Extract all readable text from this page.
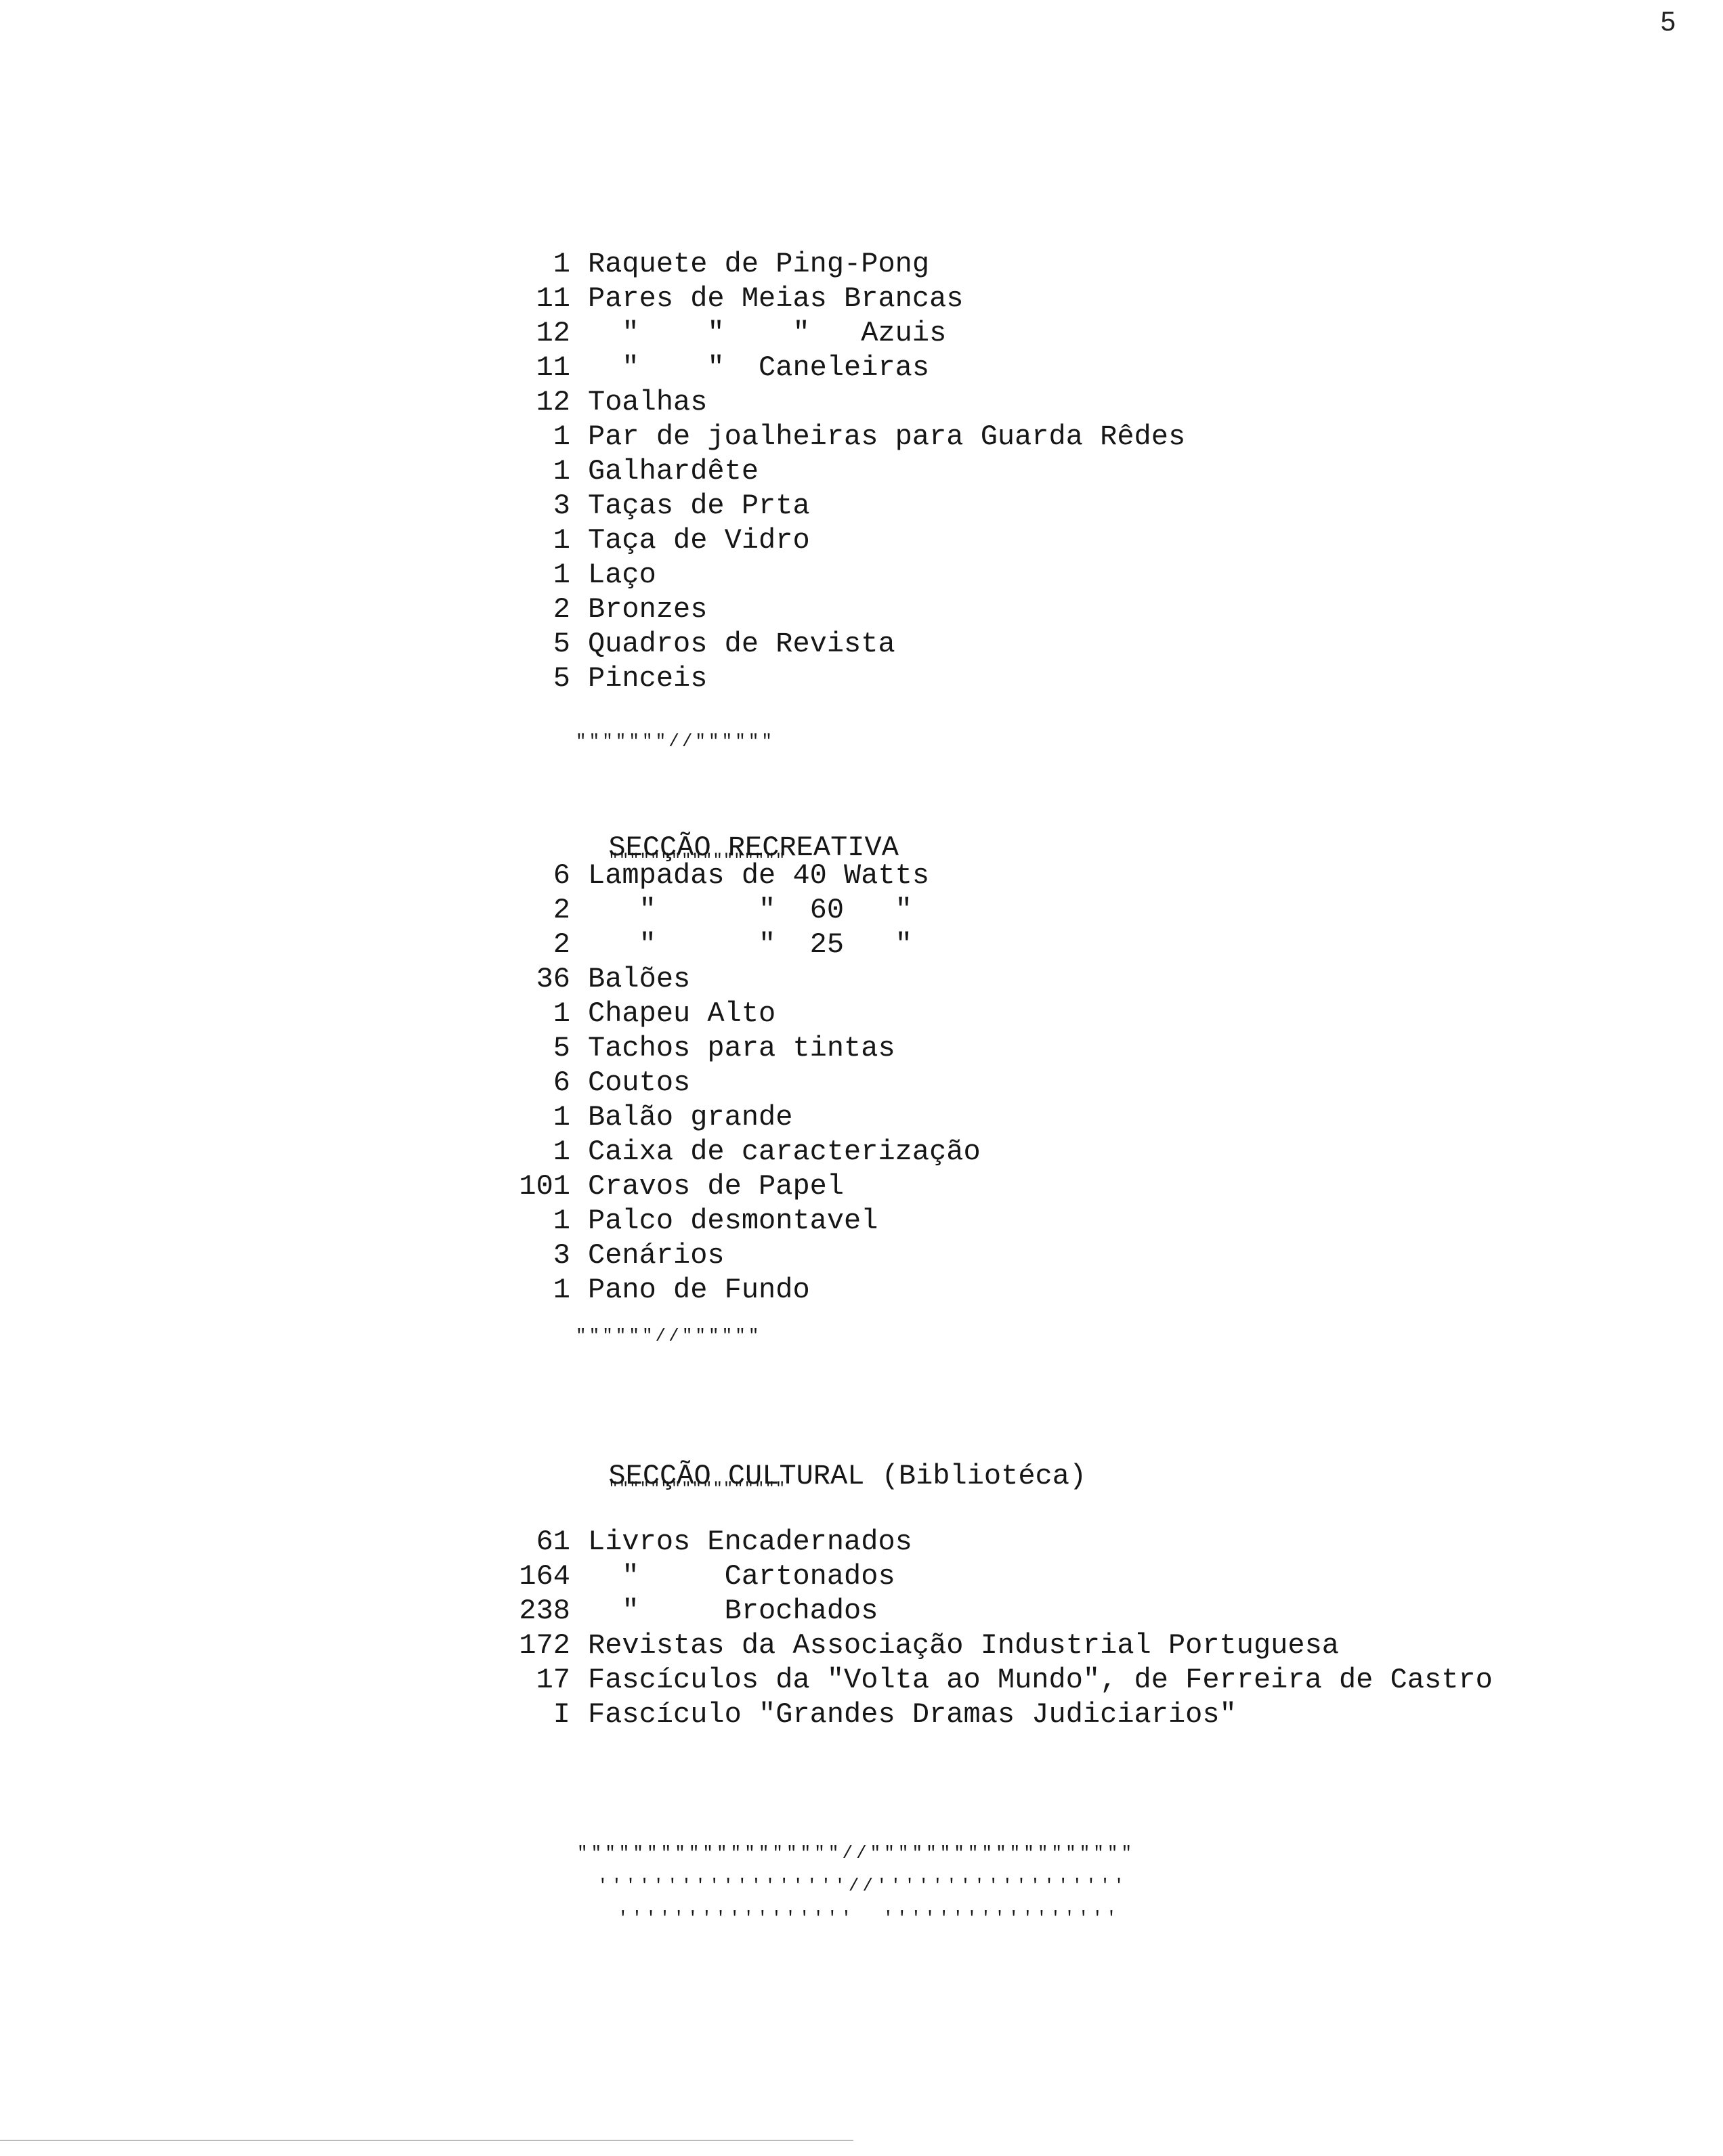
5
1 Raquete de Ping-Pong
11 Pares de Meias Brancas
12  "    "    "   Azuis
11  "    "  Caneleiras
12 Toalhas
1 Par de joalheiras para Guarda Rêdes
1 Galhardête
3 Taças de Prta
1 Taça de Vidro
1 Laço
2 Bronzes
5 Quadros de Revista
5 Pinceis
"""""""//""""""

SECÇÃO RECREATIVA """""""""""""""""

6 Lampadas de 40 Watts
2   "      "  60   "
2   "      "  25   "
36 Balões
1 Chapeu Alto
5 Tachos para tintas
6 Coutos
1 Balão grande
1 Caixa de caracterização
101 Cravos de Papel
1 Palco desmontavel
3 Cenários
1 Pano de Fundo
""""""//""""""

SECÇÃO CULTURAL """"""""""""""""" (Bibliotéca)

61 Livros Encadernados
164  "     Cartonados
238  "     Brochados
172 Revistas da Associação Industrial Portuguesa
17 Fascículos da "Volta ao Mundo", de Ferreira de Castro
I Fascículo "Grandes Dramas Judiciarios"
"""""""""""""""""""//"""""""""""""""""""
''''''''''''''''''//''''''''''''''''''
'''''''''''''''''  '''''''''''''''''
